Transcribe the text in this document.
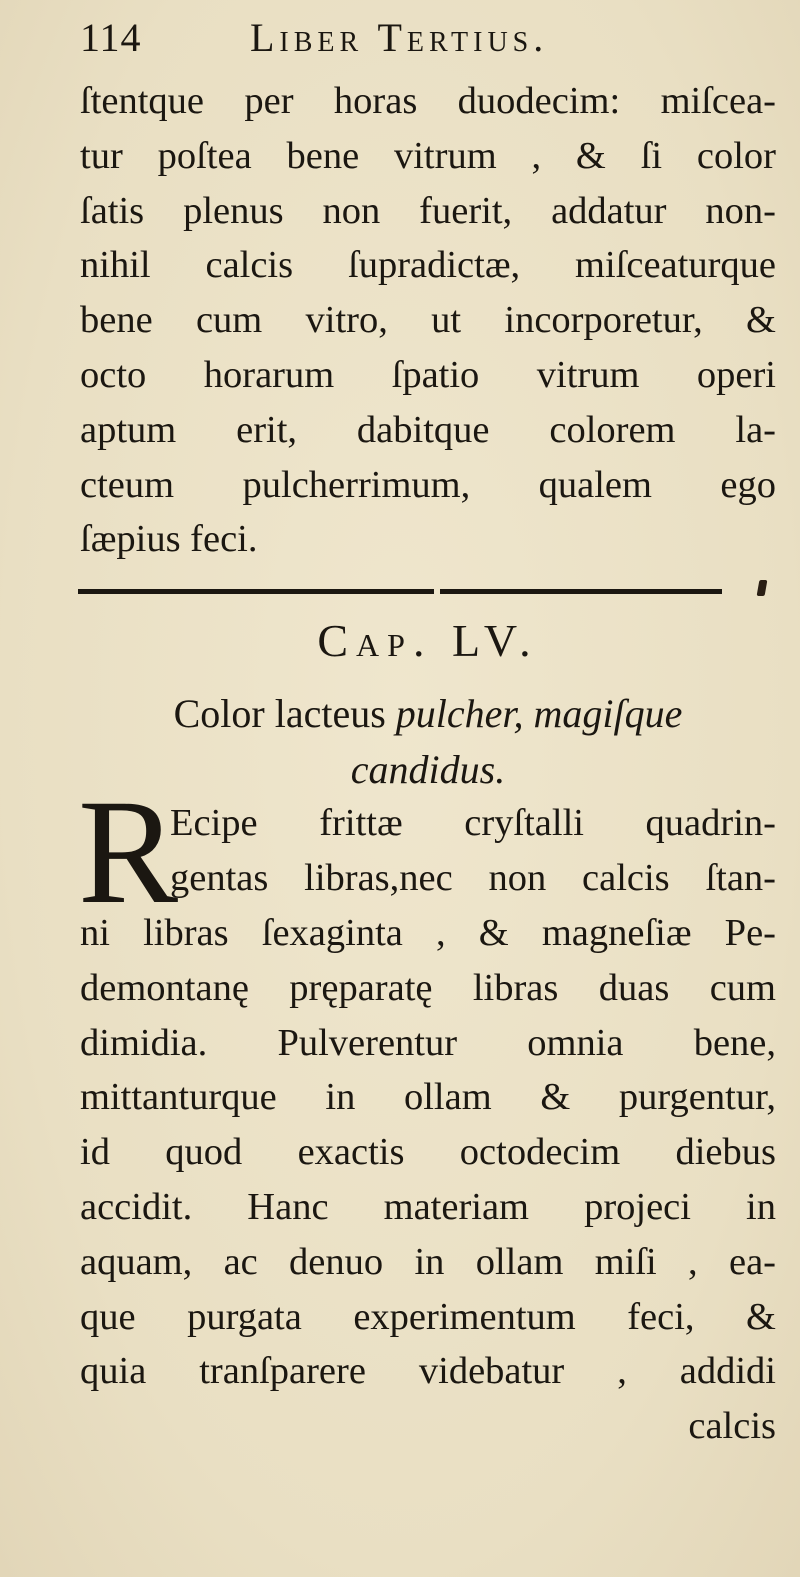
114	Liber Tertius.
ſtentque per horas duodecim: miſcea-
tur poſtea bene vitrum , & ſi color
ſatis plenus non fuerit, addatur non-
nihil calcis ſupradictæ, miſceaturque
bene cum vitro, ut incorporetur, &
octo horarum ſpatio vitrum operi
aptum erit, dabitque colorem la-
cteum pulcherrimum, qualem ego
ſæpius feci.
Cap. LV.
Color lacteus pulcher, magiſque
candidus.
R
Ecipe frittæ cryſtalli quadrin-
gentas libras,nec non calcis ſtan-
ni libras ſexaginta , & magneſiæ Pe-
demontanę pręparatę libras duas cum
dimidia. Pulverentur omnia bene,
mittanturque in ollam & purgentur,
id quod exactis octodecim diebus
accidit. Hanc materiam projeci in
aquam, ac denuo in ollam miſi , ea-
que purgata experimentum feci, &
quia tranſparere videbatur , addidi
calcis
